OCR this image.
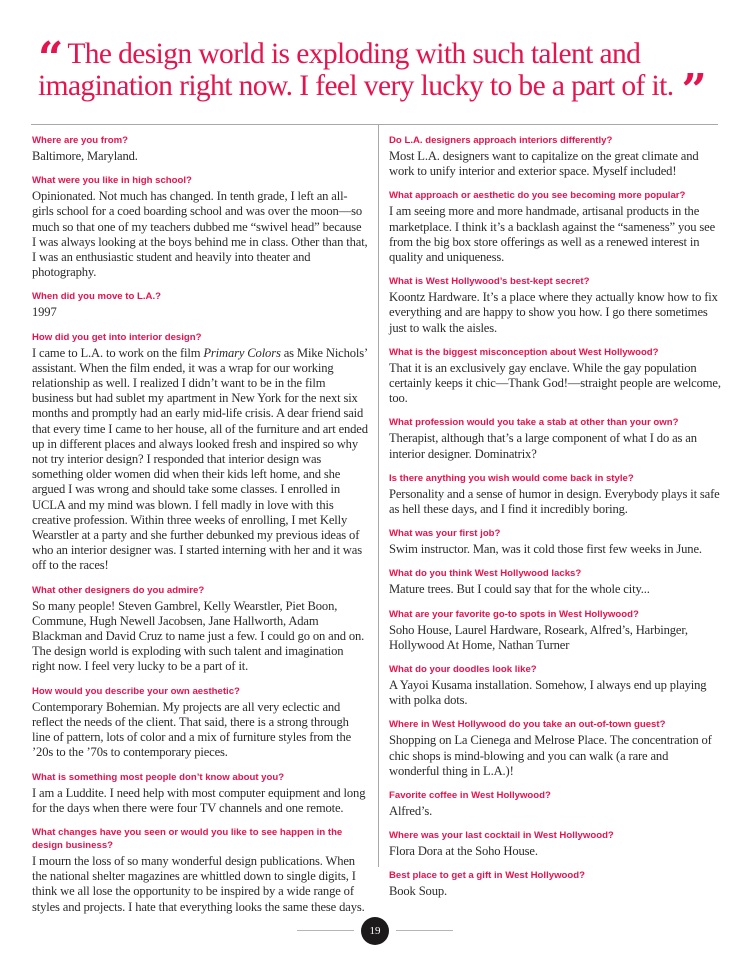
“ The design world is exploding with such talent and imagination right now. I feel very lucky to be a part of it. ”

Where are you from?

Baltimore, Maryland.

What were you like in high school?

Opinionated. Not much has changed. In tenth grade, I left an all-girls school for a coed boarding school and was over the moon—so much so that one of my teachers dubbed me “swivel head” because I was always looking at the boys behind me in class. Other than that, I was an enthusiastic student and heavily into theater and photography.

When did you move to L.A.?

1997

How did you get into interior design?

I came to L.A. to work on the film Primary Colors as Mike Nichols’ assistant. When the film ended, it was a wrap for our working relationship as well. I realized I didn’t want to be in the film business but had sublet my apartment in New York for the next six months and promptly had an early mid-life crisis. A dear friend said that every time I came to her house, all of the furniture and art ended up in different places and always looked fresh and inspired so why not try interior design? I responded that interior design was something older women did when their kids left home, and she argued I was wrong and should take some classes. I enrolled in UCLA and my mind was blown. I fell madly in love with this creative profession. Within three weeks of enrolling, I met Kelly Wearstler at a party and she further debunked my previous ideas of who an interior designer was. I started interning with her and it was off to the races!

What other designers do you admire?

So many people! Steven Gambrel, Kelly Wearstler, Piet Boon, Commune, Hugh Newell Jacobsen, Jane Hallworth, Adam Blackman and David Cruz to name just a few. I could go on and on. The design world is exploding with such talent and imagination right now. I feel very lucky to be a part of it.

How would you describe your own aesthetic?

Contemporary Bohemian. My projects are all very eclectic and reflect the needs of the client. That said, there is a strong through line of pattern, lots of color and a mix of furniture styles from the ’20s to the ’70s to contemporary pieces.

What is something most people don’t know about you?

I am a Luddite. I need help with most computer equipment and long for the days when there were four TV channels and one remote.

What changes have you seen or would you like to see happen in the design business?

I mourn the loss of so many wonderful design publications. When the national shelter magazines are whittled down to single digits, I think we all lose the opportunity to be inspired by a wide range of styles and projects. I hate that everything looks the same these days.

Do L.A. designers approach interiors differently?

Most L.A. designers want to capitalize on the great climate and work to unify interior and exterior space. Myself included!

What approach or aesthetic do you see becoming more popular?

I am seeing more and more handmade, artisanal products in the marketplace. I think it’s a backlash against the “sameness” you see from the big box store offerings as well as a renewed interest in quality and uniqueness.

What is West Hollywood’s best-kept secret?

Koontz Hardware. It’s a place where they actually know how to fix everything and are happy to show you how. I go there sometimes just to walk the aisles.

What is the biggest misconception about West Hollywood?

That it is an exclusively gay enclave. While the gay population certainly keeps it chic—Thank God!—straight people are welcome, too.

What profession would you take a stab at other than your own?

Therapist, although that’s a large component of what I do as an interior designer. Dominatrix?

Is there anything you wish would come back in style?

Personality and a sense of humor in design. Everybody plays it safe as hell these days, and I find it incredibly boring.

What was your first job?

Swim instructor. Man, was it cold those first few weeks in June.

What do you think West Hollywood lacks?

Mature trees. But I could say that for the whole city...

What are your favorite go-to spots in West Hollywood?

Soho House, Laurel Hardware, Roseark, Alfred’s, Harbinger, Hollywood At Home, Nathan Turner

What do your doodles look like?

A Yayoi Kusama installation. Somehow, I always end up playing with polka dots.

Where in West Hollywood do you take an out-of-town guest?

Shopping on La Cienega and Melrose Place. The concentration of chic shops is mind-blowing and you can walk (a rare and wonderful thing in L.A.)!

Favorite coffee in West Hollywood?

Alfred’s.

Where was your last cocktail in West Hollywood?

Flora Dora at the Soho House.

Best place to get a gift in West Hollywood?

Book Soup.

19
